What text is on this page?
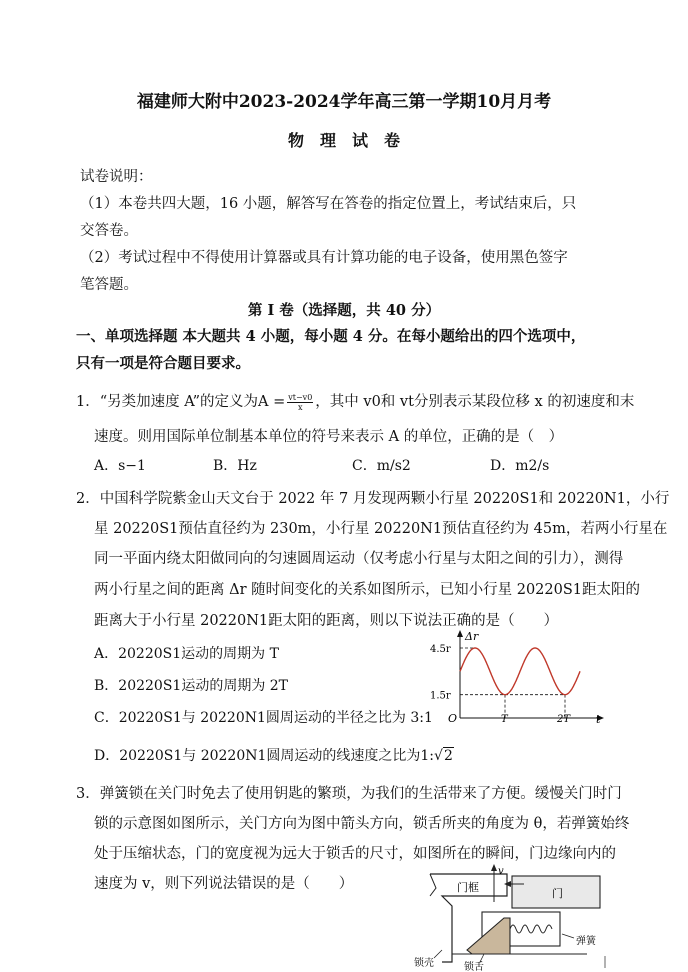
福建师大附中2023-2024学年高三第一学期10月月考
物　理　试　卷
试卷说明：
（1）本卷共四大题，16 小题，解答写在答卷的指定位置上，考试结束后，只
交答卷。
（2）考试过程中不得使用计算器或具有计算功能的电子设备，使用黑色签字
笔答题。
第 I 卷（选择题，共 40 分）
一、单项选择题 本大题共 4 小题，每小题 4 分。在每小题给出的四个选项中，
只有一项是符合题目要求。
1．“另类加速度 A”的定义为$A = \frac{vt-v0}{x}$ ，其中 v0和 vt分别表示某段位移 x 的初速度和末
速度。则用国际单位制基本单位的符号来表示 A 的单位，正确的是（　）
A．s−1	B．Hz	C．m/s2	D．m2/s
2．中国科学院紫金山天文台于 2022 年 7 月发现两颗小行星 20220S1和 20220N1，小行
星 20220S1预估直径约为 230m，小行星 20220N1预估直径约为 45m，若两小行星在
同一平面内绕太阳做同向的匀速圆周运动（仅考虑小行星与太阳之间的引力），测得
两小行星之间的距离 Δr 随时间变化的关系如图所示，已知小行星 20220S1距太阳的
距离大于小行星 20220N1距太阳的距离，则以下说法正确的是（　　）
A．20220S1运动的周期为 T
B．20220S1运动的周期为 2T
C．20220S1与 20220N1圆周运动的半径之比为 3:1
D．20220S1与 20220N1圆周运动的线速度之比为1:√2
Δr
t
O
4.5r
1.5r
T	2T
3．弹簧锁在关门时免去了使用钥匙的繁琐，为我们的生活带来了方便。缓慢关门时门
锁的示意图如图所示，关门方向为图中箭头方向，锁舌所夹的角度为 θ，若弹簧始终
处于压缩状态，门的宽度视为远大于锁舌的尺寸，如图所在的瞬间，门边缘向内的
速度为 v，则下列说法错误的是（　　）	门框	门
v
锁壳
弹簧
锁舌
